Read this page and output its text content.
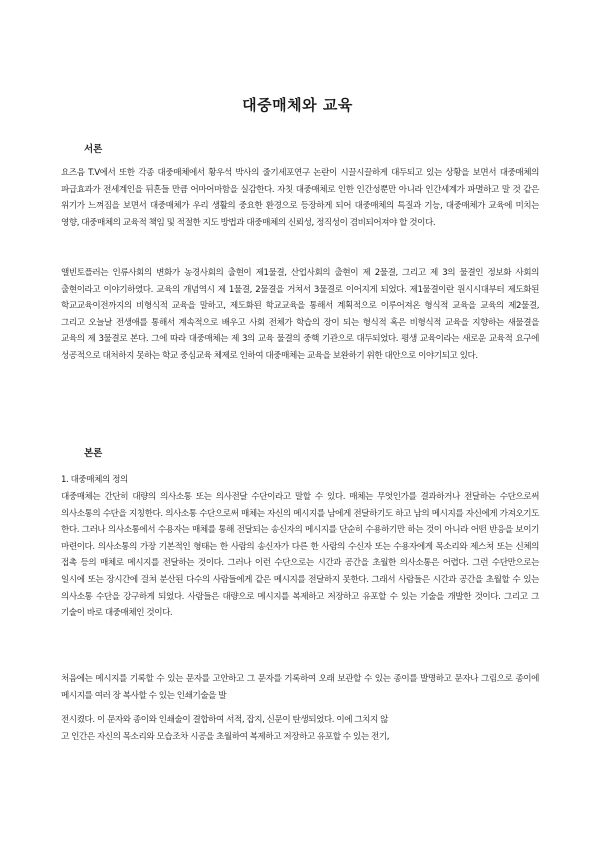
대중매체와 교육
서론

요즈음 T.V에서 또한 각종 대중매체에서 황우석 박사의 줄기세포연구 논란이 시끌시끌하게 대두되고 있는 상황을 보면서 대중매체의 파급효과가 전세계인을 뒤흔들 만큼 어마어마함을 실감한다. 자칫 대중매체로 인한 인간성뿐만 아니라 인간세계가 파멸하고 말 것 같은 위기가 느껴짐을 보면서 대중매체가 우리 생활의 중요한 환경으로 등장하게 되어 대중매체의 특질과 기능, 대중매체가 교육에 미치는 영향, 대중매체의 교육적 책임 및 적절한 지도 방법과 대중매체의 신뢰성, 정직성이 겸비되어져야 할 것이다.

앨빈토플러는 인류사회의 변화가 농경사회의 출현이 제1물결, 산업사회의 출현이 제 2물결, 그리고 제 3의 물결인 정보화 사회의 출현이라고 이야기하였다. 교육의 개념역시 제 1물결, 2물결을 거쳐서 3물결로 이어지게 되었다. 제1물결이란 원시시대부터 제도화된 학교교육이전까지의 비형식적 교육을 말하고, 제도화된 학교교육을 통해서 계획적으로 이루어져온 형식적 교육을 교육의 제2물결, 그리고 오늘날 전생애를 통해서 계속적으로 배우고 사회 전체가 학습의 장이 되는 형식적 혹은 비형식적 교육을 지향하는 새물결을 교육의 제 3물결로 본다. 그에 따라 대중매체는 제 3의 교육 물결의 중핵 기관으로 대두되었다. 평생 교육이라는 새로운 교육적 요구에 성공적으로 대처하지 못하는 학교 중심교육 체제로 인하여 대중매체는 교육을 보완하기 위한 대안으로 이야기되고 있다.

본론

1. 대중매체의 정의

대중매체는 간단히 대량의 의사소통 또는 의사전달 수단이라고 말할 수 있다. 매체는 무엇인가를 결과하거나 전달하는 수단으로써 의사소통의 수단을 지칭한다. 의사소통 수단으로써 매체는 자신의 메시지를 남에게 전달하기도 하고 남의 메시지를 자신에게 가져오기도 한다. 그러나 의사소통에서 수용자는 매체를 통해 전달되는 송신자의 메시지를 단순히 수용하기만 하는 것이 아니라 어떤 반응을 보이기 마련이다. 의사소통의 가장 기본적인 형태는 한 사람의 송신자가 다른 한 사람의 수신자 또는 수용자에게 목소리와 제스쳐 또는 신체의 접촉 등의 매체로 메시지를 전달하는 것이다. 그러나 이런 수단으로는 시간과 공간을 초월한 의사소통은 어렵다. 그런 수단만으로는 일시에 또는 장시간에 걸쳐 분산된 다수의 사람들에게 같은 메시지를 전달하지 못한다. 그래서 사람들은 시간과 공간을 초월할 수 있는 의사소통 수단을 강구하게 되었다. 사람들은 대량으로 메시지를 복제하고 저장하고 유포할 수 있는 기술을 개발한 것이다. 그리고 그 기술이 바로 대중매체인 것이다.

처음에는 메시지를 기록할 수 있는 문자를 고안하고 그 문자를 기록하여 오래 보관할 수 있는 종이를 발명하고 문자나 그림으로 종이에 메시지를 여러 장 복사할 수 있는 인쇄기술을 발

전시켰다. 이 문자와 종이와 인쇄술이 결합하여 서적, 잡지, 신문이 탄생되었다. 이에 그치지 않

고 인간은 자신의 목소리와 모습조차 시공을 초월하여 복제하고 저장하고 유포할 수 있는 전기,
